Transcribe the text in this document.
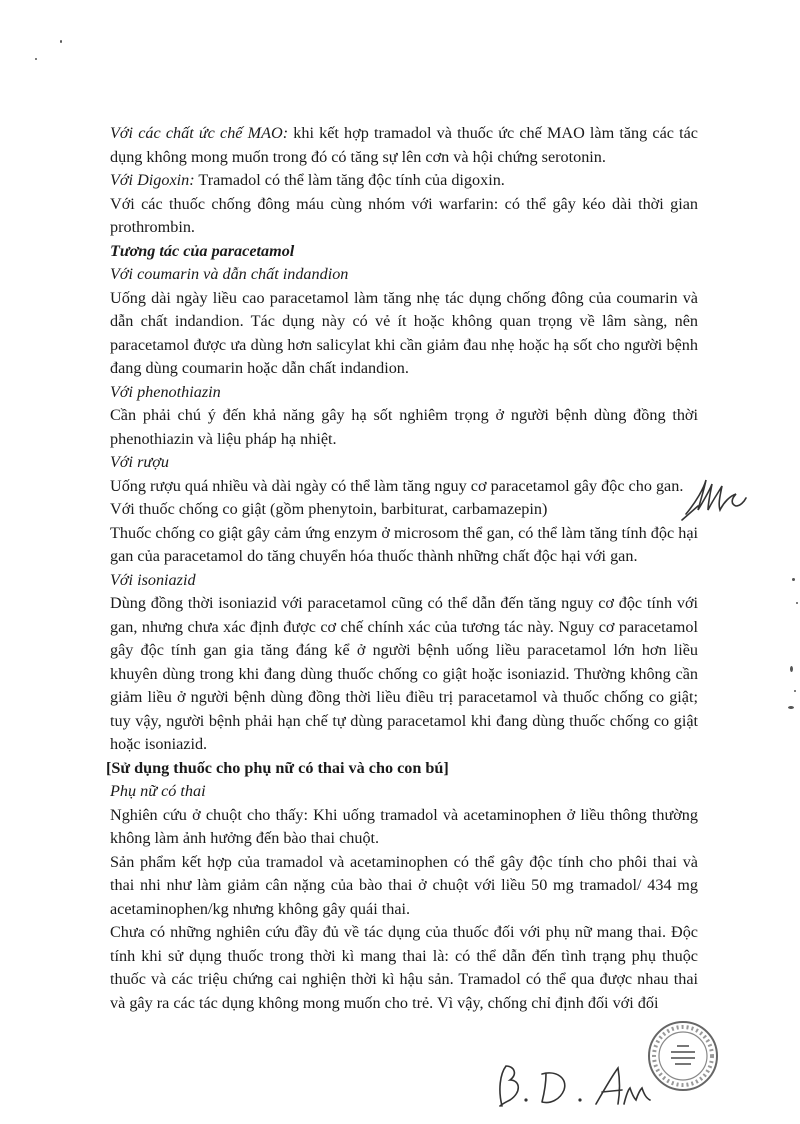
Với các chất ức chế MAO: khi kết hợp tramadol và thuốc ức chế MAO làm tăng các tác dụng không mong muốn trong đó có tăng sự lên cơn và hội chứng serotonin.

Với Digoxin: Tramadol có thể làm tăng độc tính của digoxin.

Với các thuốc chống đông máu cùng nhóm với warfarin: có thể gây kéo dài thời gian prothrombin.

Tương tác của paracetamol

Với coumarin và dẫn chất indandion

Uống dài ngày liều cao paracetamol làm tăng nhẹ tác dụng chống đông của coumarin và dẫn chất indandion. Tác dụng này có vẻ ít hoặc không quan trọng về lâm sàng, nên paracetamol được ưa dùng hơn salicylat khi cần giảm đau nhẹ hoặc hạ sốt cho người bệnh đang dùng coumarin hoặc dẫn chất indandion.

Với phenothiazin

Cần phải chú ý đến khả năng gây hạ sốt nghiêm trọng ở người bệnh dùng đồng thời phenothiazin và liệu pháp hạ nhiệt.

Với rượu

Uống rượu quá nhiều và dài ngày có thể làm tăng nguy cơ paracetamol gây độc cho gan.

Với thuốc chống co giật (gồm phenytoin, barbiturat, carbamazepin)

Thuốc chống co giật gây cảm ứng enzym ở microsom thể gan, có thể làm tăng tính độc hại gan của paracetamol do tăng chuyển hóa thuốc thành những chất độc hại với gan.

Với isoniazid

Dùng đồng thời isoniazid với paracetamol cũng có thể dẫn đến tăng nguy cơ độc tính với gan, nhưng chưa xác định được cơ chế chính xác của tương tác này. Nguy cơ paracetamol gây độc tính gan gia tăng đáng kể ở người bệnh uống liều paracetamol lớn hơn liều khuyên dùng trong khi đang dùng thuốc chống co giật hoặc isoniazid. Thường không cần giảm liều ở người bệnh dùng đồng thời liều điều trị paracetamol và thuốc chống co giật; tuy vậy, người bệnh phải hạn chế tự dùng paracetamol khi đang dùng thuốc chống co giật hoặc isoniazid.

[Sử dụng thuốc cho phụ nữ có thai và cho con bú]

Phụ nữ có thai

Nghiên cứu ở chuột cho thấy: Khi uống tramadol và acetaminophen ở liều thông thường không làm ảnh hưởng đến bào thai chuột.

Sản phẩm kết hợp của tramadol và acetaminophen có thể gây độc tính cho phôi thai và thai nhi như làm giảm cân nặng của bào thai ở chuột với liều 50 mg tramadol/ 434 mg acetaminophen/kg nhưng không gây quái thai.

Chưa có những nghiên cứu đầy đủ về tác dụng của thuốc đối với phụ nữ mang thai. Độc tính khi sử dụng thuốc trong thời kì mang thai là: có thể dẫn đến tình trạng phụ thuộc thuốc và các triệu chứng cai nghiện thời kì hậu sản. Tramadol có thể qua được nhau thai và gây ra các tác dụng không mong muốn cho trẻ. Vì vậy, chống chỉ định đối với đối
